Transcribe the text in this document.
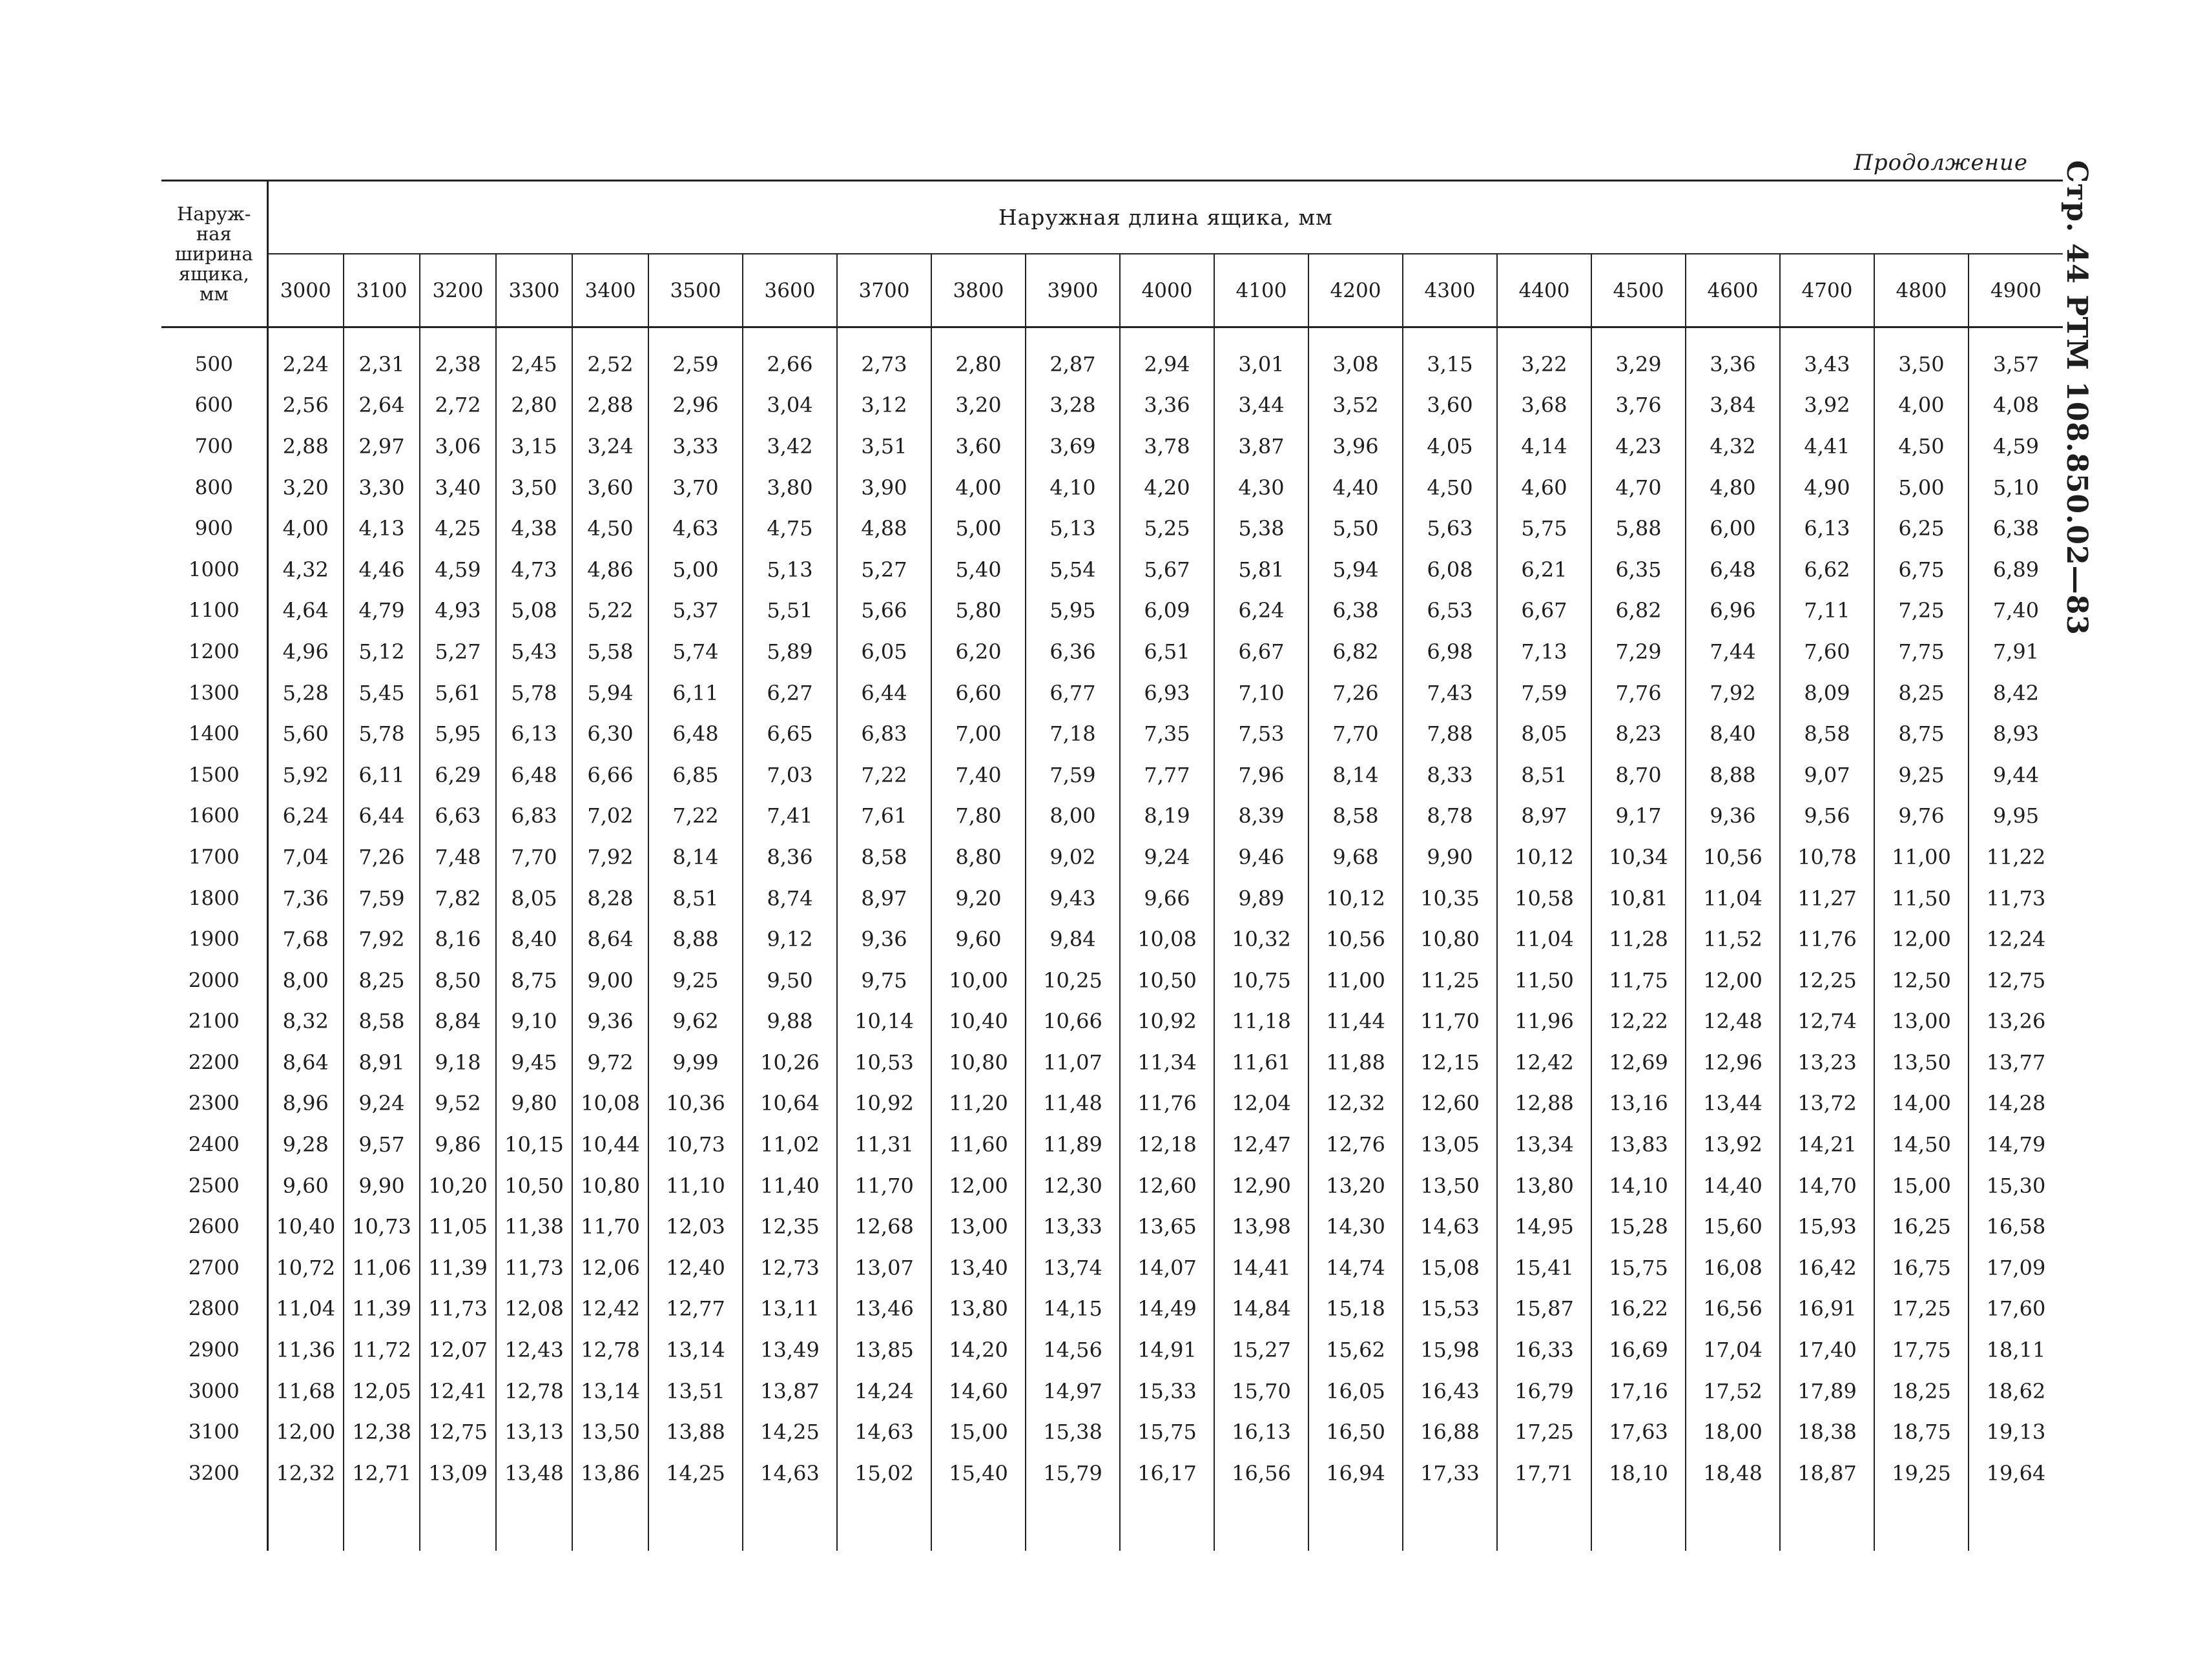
Продолжение Стр. 44 РТМ 108.850.02—83
Наруж-
ная
ширина
ящика,
мм	Наружная длина ящика, мм																			
	3000	3100	3200	3300	3400	3500	3600	3700	3800	3900	4000	4100	4200	4300	4400	4500	4600	4700	4800	4900
500	2,24	2,31	2,38	2,45	2,52	2,59	2,66	2,73	2,80	2,87	2,94	3,01	3,08	3,15	3,22	3,29	3,36	3,43	3,50	3,57
600	2,56	2,64	2,72	2,80	2,88	2,96	3,04	3,12	3,20	3,28	3,36	3,44	3,52	3,60	3,68	3,76	3,84	3,92	4,00	4,08
700	2,88	2,97	3,06	3,15	3,24	3,33	3,42	3,51	3,60	3,69	3,78	3,87	3,96	4,05	4,14	4,23	4,32	4,41	4,50	4,59
800	3,20	3,30	3,40	3,50	3,60	3,70	3,80	3,90	4,00	4,10	4,20	4,30	4,40	4,50	4,60	4,70	4,80	4,90	5,00	5,10
900	4,00	4,13	4,25	4,38	4,50	4,63	4,75	4,88	5,00	5,13	5,25	5,38	5,50	5,63	5,75	5,88	6,00	6,13	6,25	6,38
1000	4,32	4,46	4,59	4,73	4,86	5,00	5,13	5,27	5,40	5,54	5,67	5,81	5,94	6,08	6,21	6,35	6,48	6,62	6,75	6,89
1100	4,64	4,79	4,93	5,08	5,22	5,37	5,51	5,66	5,80	5,95	6,09	6,24	6,38	6,53	6,67	6,82	6,96	7,11	7,25	7,40
1200	4,96	5,12	5,27	5,43	5,58	5,74	5,89	6,05	6,20	6,36	6,51	6,67	6,82	6,98	7,13	7,29	7,44	7,60	7,75	7,91
1300	5,28	5,45	5,61	5,78	5,94	6,11	6,27	6,44	6,60	6,77	6,93	7,10	7,26	7,43	7,59	7,76	7,92	8,09	8,25	8,42
1400	5,60	5,78	5,95	6,13	6,30	6,48	6,65	6,83	7,00	7,18	7,35	7,53	7,70	7,88	8,05	8,23	8,40	8,58	8,75	8,93
1500	5,92	6,11	6,29	6,48	6,66	6,85	7,03	7,22	7,40	7,59	7,77	7,96	8,14	8,33	8,51	8,70	8,88	9,07	9,25	9,44
1600	6,24	6,44	6,63	6,83	7,02	7,22	7,41	7,61	7,80	8,00	8,19	8,39	8,58	8,78	8,97	9,17	9,36	9,56	9,76	9,95
1700	7,04	7,26	7,48	7,70	7,92	8,14	8,36	8,58	8,80	9,02	9,24	9,46	9,68	9,90	10,12	10,34	10,56	10,78	11,00	11,22
1800	7,36	7,59	7,82	8,05	8,28	8,51	8,74	8,97	9,20	9,43	9,66	9,89	10,12	10,35	10,58	10,81	11,04	11,27	11,50	11,73
1900	7,68	7,92	8,16	8,40	8,64	8,88	9,12	9,36	9,60	9,84	10,08	10,32	10,56	10,80	11,04	11,28	11,52	11,76	12,00	12,24
2000	8,00	8,25	8,50	8,75	9,00	9,25	9,50	9,75	10,00	10,25	10,50	10,75	11,00	11,25	11,50	11,75	12,00	12,25	12,50	12,75
2100	8,32	8,58	8,84	9,10	9,36	9,62	9,88	10,14	10,40	10,66	10,92	11,18	11,44	11,70	11,96	12,22	12,48	12,74	13,00	13,26
2200	8,64	8,91	9,18	9,45	9,72	9,99	10,26	10,53	10,80	11,07	11,34	11,61	11,88	12,15	12,42	12,69	12,96	13,23	13,50	13,77
2300	8,96	9,24	9,52	9,80	10,08	10,36	10,64	10,92	11,20	11,48	11,76	12,04	12,32	12,60	12,88	13,16	13,44	13,72	14,00	14,28
2400	9,28	9,57	9,86	10,15	10,44	10,73	11,02	11,31	11,60	11,89	12,18	12,47	12,76	13,05	13,34	13,83	13,92	14,21	14,50	14,79
2500	9,60	9,90	10,20	10,50	10,80	11,10	11,40	11,70	12,00	12,30	12,60	12,90	13,20	13,50	13,80	14,10	14,40	14,70	15,00	15,30
2600	10,40	10,73	11,05	11,38	11,70	12,03	12,35	12,68	13,00	13,33	13,65	13,98	14,30	14,63	14,95	15,28	15,60	15,93	16,25	16,58
2700	10,72	11,06	11,39	11,73	12,06	12,40	12,73	13,07	13,40	13,74	14,07	14,41	14,74	15,08	15,41	15,75	16,08	16,42	16,75	17,09
2800	11,04	11,39	11,73	12,08	12,42	12,77	13,11	13,46	13,80	14,15	14,49	14,84	15,18	15,53	15,87	16,22	16,56	16,91	17,25	17,60
2900	11,36	11,72	12,07	12,43	12,78	13,14	13,49	13,85	14,20	14,56	14,91	15,27	15,62	15,98	16,33	16,69	17,04	17,40	17,75	18,11
3000	11,68	12,05	12,41	12,78	13,14	13,51	13,87	14,24	14,60	14,97	15,33	15,70	16,05	16,43	16,79	17,16	17,52	17,89	18,25	18,62
3100	12,00	12,38	12,75	13,13	13,50	13,88	14,25	14,63	15,00	15,38	15,75	16,13	16,50	16,88	17,25	17,63	18,00	18,38	18,75	19,13
3200	12,32	12,71	13,09	13,48	13,86	14,25	14,63	15,02	15,40	15,79	16,17	16,56	16,94	17,33	17,71	18,10	18,48	18,87	19,25	19,64
